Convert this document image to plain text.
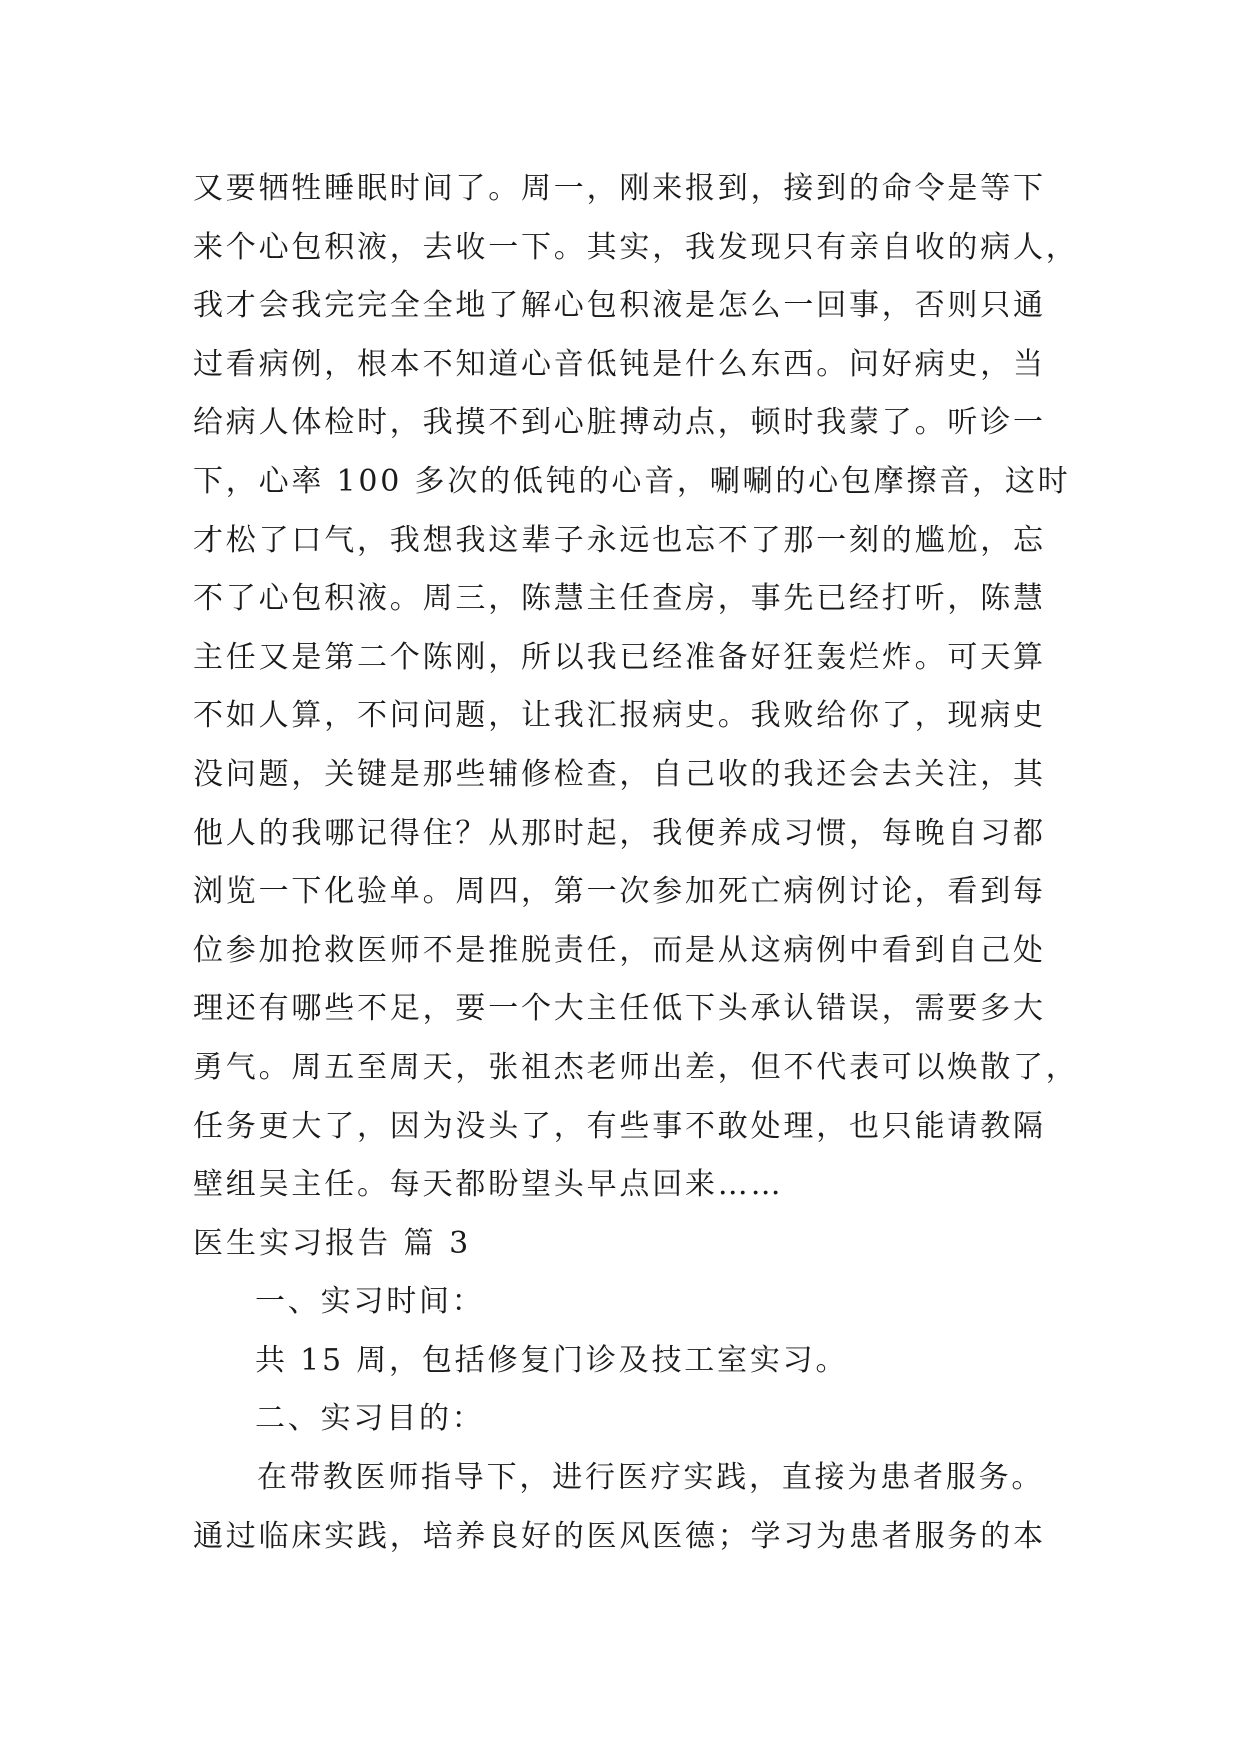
又要牺牲睡眠时间了。周一，刚来报到，接到的命令是等下
来个心包积液，去收一下。其实，我发现只有亲自收的病人，
我才会我完完全全地了解心包积液是怎么一回事，否则只通
过看病例，根本不知道心音低钝是什么东西。问好病史，当
给病人体检时，我摸不到心脏搏动点，顿时我蒙了。听诊一
下，心率 100 多次的低钝的心音，唰唰的心包摩擦音，这时
才松了口气，我想我这辈子永远也忘不了那一刻的尴尬，忘
不了心包积液。周三，陈慧主任查房，事先已经打听，陈慧
主任又是第二个陈刚，所以我已经准备好狂轰烂炸。可天算
不如人算，不问问题，让我汇报病史。我败给你了，现病史
没问题，关键是那些辅修检查，自己收的我还会去关注，其
他人的我哪记得住？从那时起，我便养成习惯，每晚自习都
浏览一下化验单。周四，第一次参加死亡病例讨论，看到每
位参加抢救医师不是推脱责任，而是从这病例中看到自己处
理还有哪些不足，要一个大主任低下头承认错误，需要多大
勇气。周五至周天，张祖杰老师出差，但不代表可以焕散了，
任务更大了，因为没头了，有些事不敢处理，也只能请教隔
壁组吴主任。每天都盼望头早点回来……
医生实习报告 篇 3
一、实习时间：
共 15 周，包括修复门诊及技工室实习。
二、实习目的：
在带教医师指导下，进行医疗实践，直接为患者服务。
通过临床实践，培养良好的医风医德；学习为患者服务的本
